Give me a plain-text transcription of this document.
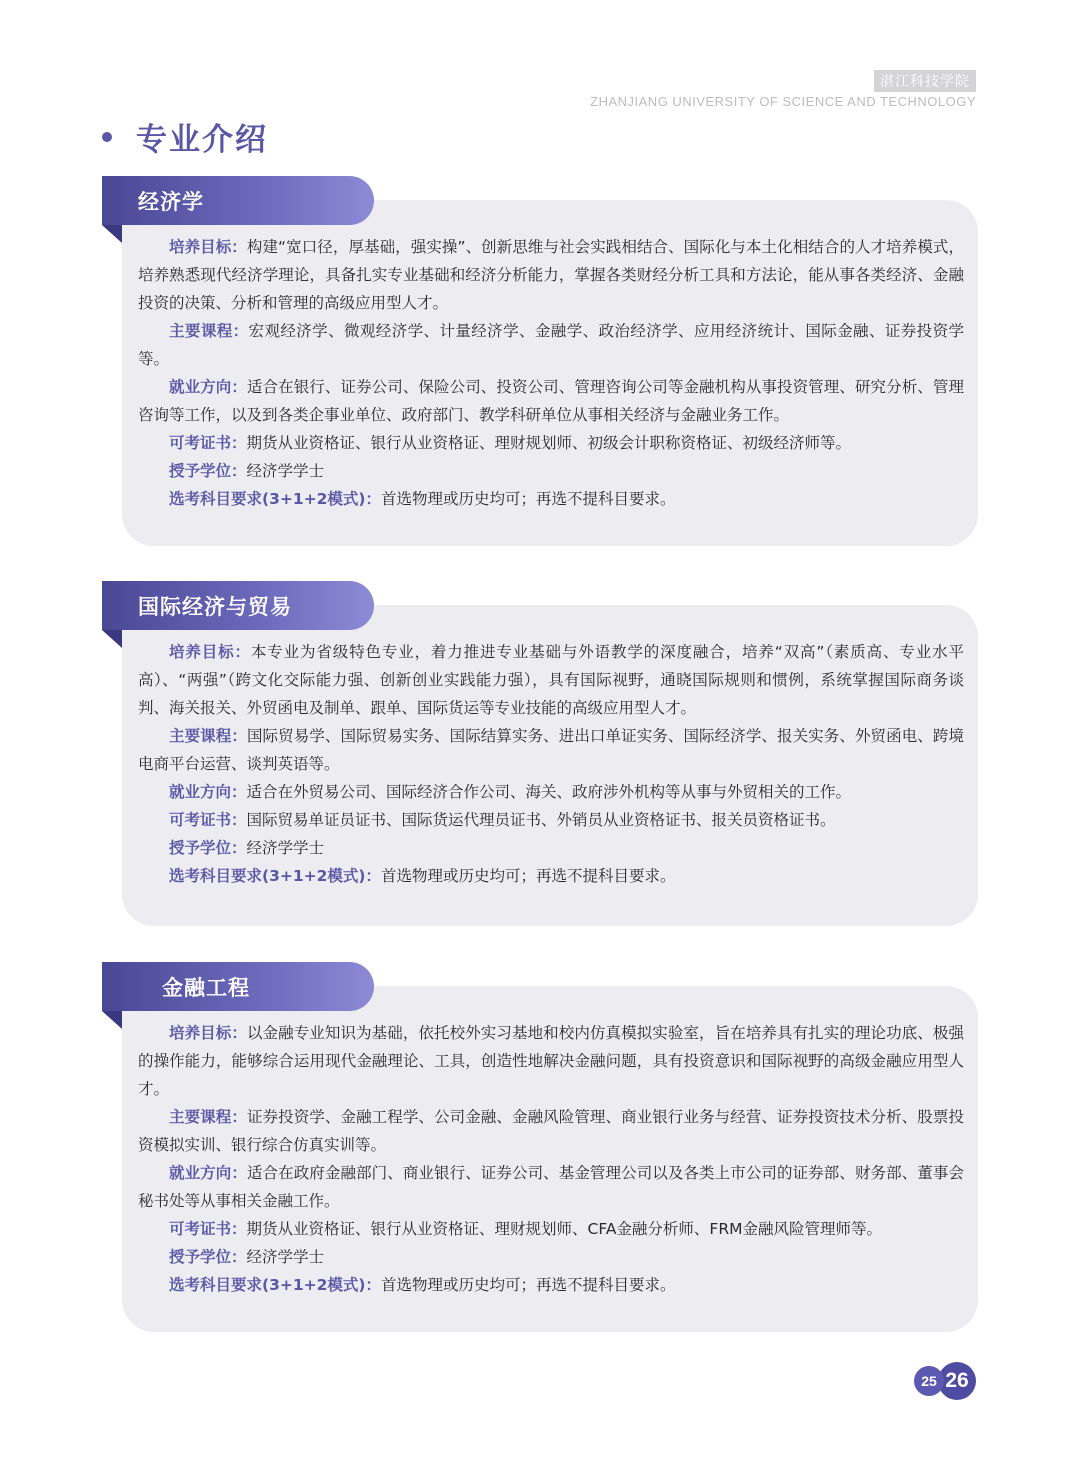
湛江科技学院
ZHANJIANG UNIVERSITY OF SCIENCE AND TECHNOLOGY
专业介绍
经济学

培养目标：构建“宽口径，厚基础，强实操”、创新思维与社会实践相结合、国际化与本土化相结合的人才培养模式，培养熟悉现代经济学理论，具备扎实专业基础和经济分析能力，掌握各类财经分析工具和方法论，能从事各类经济、金融投资的决策、分析和管理的高级应用型人才。

主要课程：宏观经济学、微观经济学、计量经济学、金融学、政治经济学、应用经济统计、国际金融、证券投资学等。

就业方向：适合在银行、证券公司、保险公司、投资公司、管理咨询公司等金融机构从事投资管理、研究分析、管理咨询等工作，以及到各类企事业单位、政府部门、教学科研单位从事相关经济与金融业务工作。

可考证书：期货从业资格证、银行从业资格证、理财规划师、初级会计职称资格证、初级经济师等。

授予学位：经济学学士

选考科目要求(3+1+2模式)：首选物理或历史均可；再选不提科目要求。

国际经济与贸易

培养目标：本专业为省级特色专业，着力推进专业基础与外语教学的深度融合，培养“双高”（素质高、专业水平高）、“两强”（跨文化交际能力强、创新创业实践能力强），具有国际视野，通晓国际规则和惯例，系统掌握国际商务谈判、海关报关、外贸函电及制单、跟单、国际货运等专业技能的高级应用型人才。

主要课程：国际贸易学、国际贸易实务、国际结算实务、进出口单证实务、国际经济学、报关实务、外贸函电、跨境电商平台运营、谈判英语等。

就业方向：适合在外贸易公司、国际经济合作公司、海关、政府涉外机构等从事与外贸相关的工作。

可考证书：国际贸易单证员证书、国际货运代理员证书、外销员从业资格证书、报关员资格证书。

授予学位：经济学学士

选考科目要求(3+1+2模式)：首选物理或历史均可；再选不提科目要求。

金融工程

培养目标：以金融专业知识为基础，依托校外实习基地和校内仿真模拟实验室，旨在培养具有扎实的理论功底、极强的操作能力，能够综合运用现代金融理论、工具，创造性地解决金融问题，具有投资意识和国际视野的高级金融应用型人才。

主要课程：证券投资学、金融工程学、公司金融、金融风险管理、商业银行业务与经营、证券投资技术分析、股票投资模拟实训、银行综合仿真实训等。

就业方向：适合在政府金融部门、商业银行、证券公司、基金管理公司以及各类上市公司的证券部、财务部、董事会秘书处等从事相关金融工作。

可考证书：期货从业资格证、银行从业资格证、理财规划师、CFA金融分析师、FRM金融风险管理师等。

授予学位：经济学学士

选考科目要求(3+1+2模式)：首选物理或历史均可；再选不提科目要求。

25 26
